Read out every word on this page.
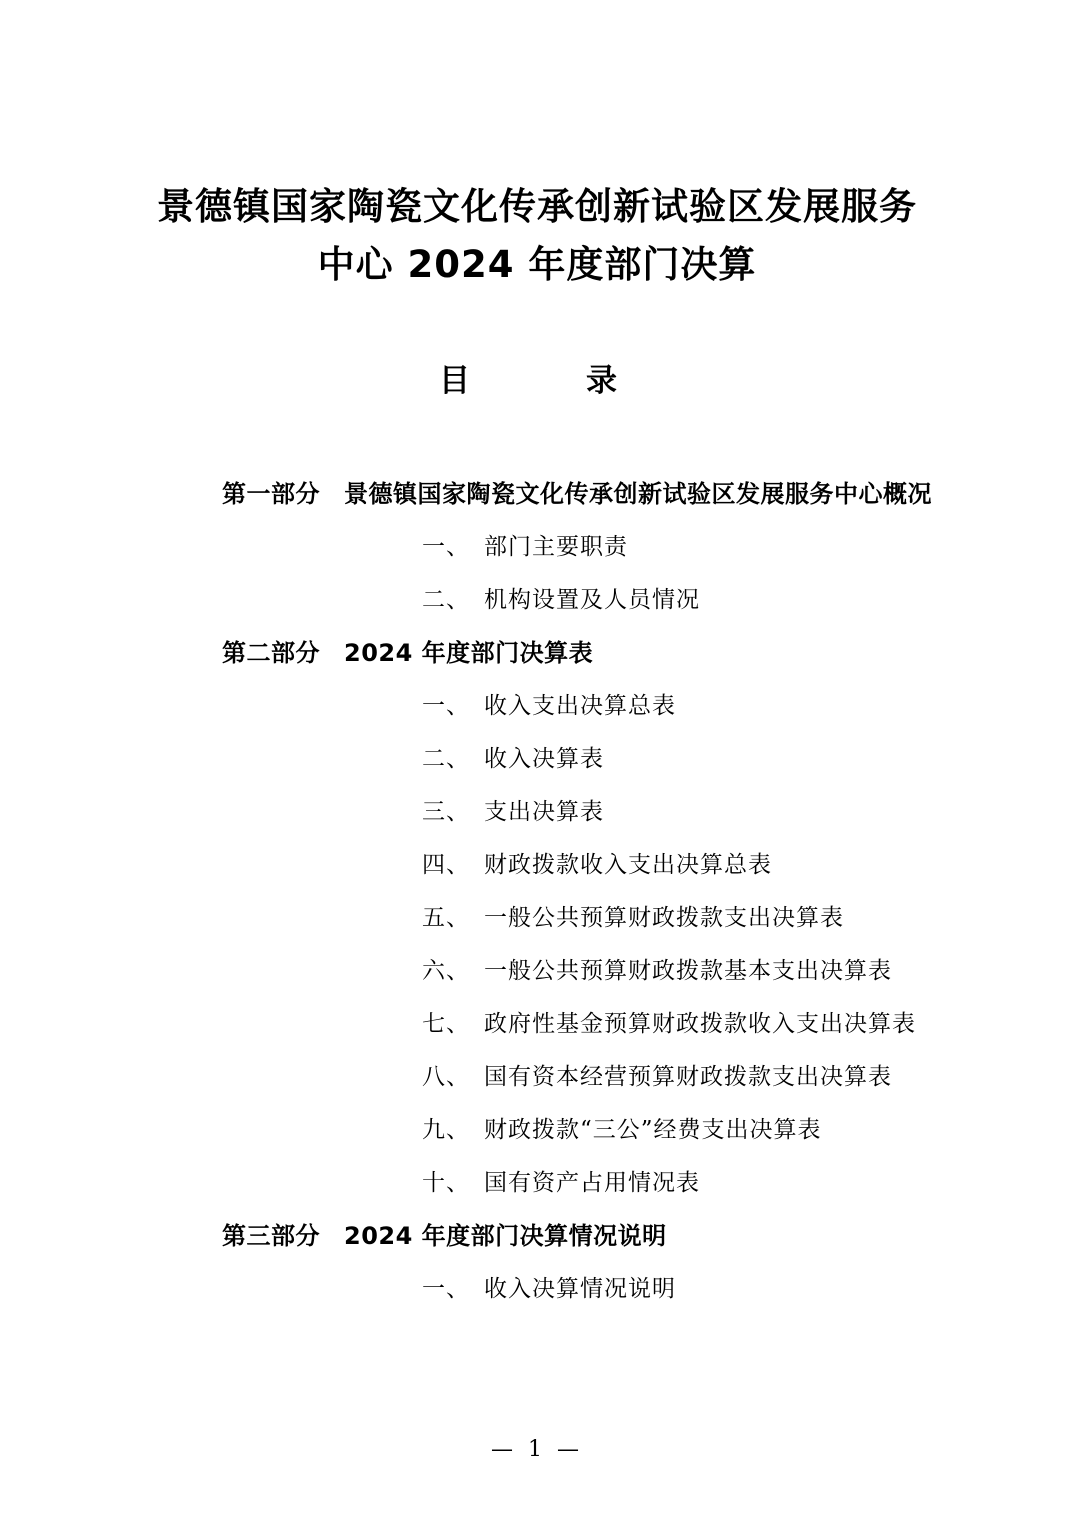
景德镇国家陶瓷文化传承创新试验区发展服务中心 2024 年度部门决算
目　　录
第一部分 景德镇国家陶瓷文化传承创新试验区发展服务中心概况
一、 部门主要职责
二、 机构设置及人员情况
第二部分 2024 年度部门决算表
一、 收入支出决算总表
二、 收入决算表
三、 支出决算表
四、 财政拨款收入支出决算总表
五、 一般公共预算财政拨款支出决算表
六、 一般公共预算财政拨款基本支出决算表
七、 政府性基金预算财政拨款收入支出决算表
八、 国有资本经营预算财政拨款支出决算表
九、 财政拨款“三公”经费支出决算表
十、 国有资产占用情况表
第三部分 2024 年度部门决算情况说明
一、 收入决算情况说明
— 1 —
